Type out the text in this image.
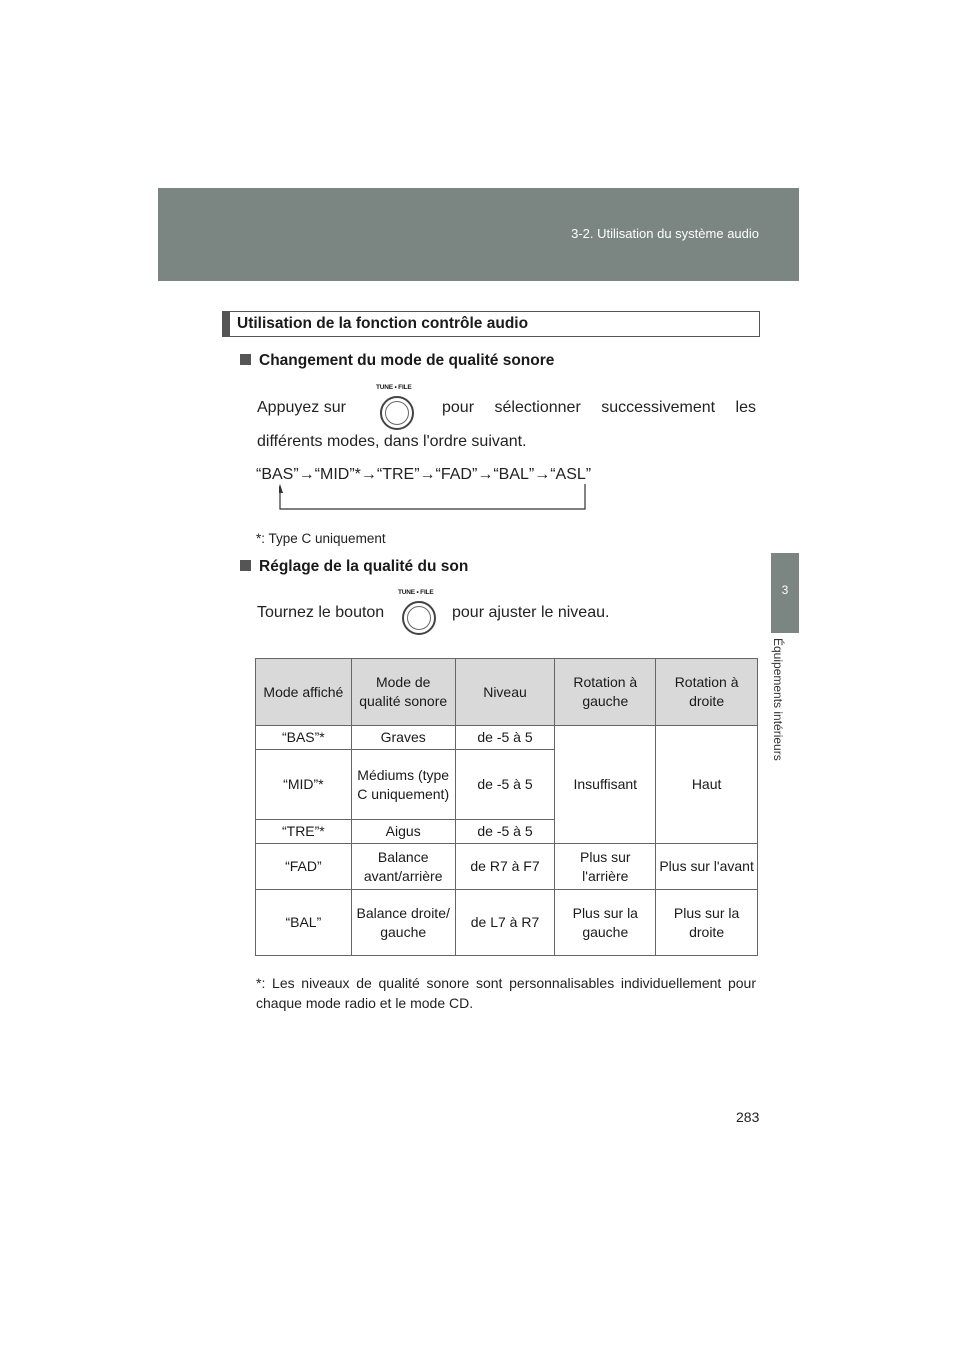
3-2. Utilisation du système audio
3
Équipements intérieurs
Utilisation de la fonction contrôle audio
Changement du mode de qualité sonore
Appuyez sur
TUNE • FILE
pour sélectionner successivement les
différents modes, dans l'ordre suivant.
“BAS”→“MID”*→“TRE”→“FAD”→“BAL”→“ASL”
*: Type C uniquement
Réglage de la qualité du son
Tournez le bouton
TUNE • FILE
pour ajuster le niveau.
Mode affiché	Mode de qualité sonore	Niveau	Rotation à gauche	Rotation à droite
“BAS”*	Graves	de -5 à 5	Insuffisant	Haut
“MID”*	Médiums (type C uniquement)	de -5 à 5		
“TRE”*	Aigus	de -5 à 5		
“FAD”	Balance avant/arrière	de R7 à F7	Plus sur l'arrière	Plus sur l'avant
“BAL”	Balance droite/ gauche	de L7 à R7	Plus sur la gauche	Plus sur la droite
*: Les niveaux de qualité sonore sont personnalisables individuellement pour chaque mode radio et le mode CD.
283
